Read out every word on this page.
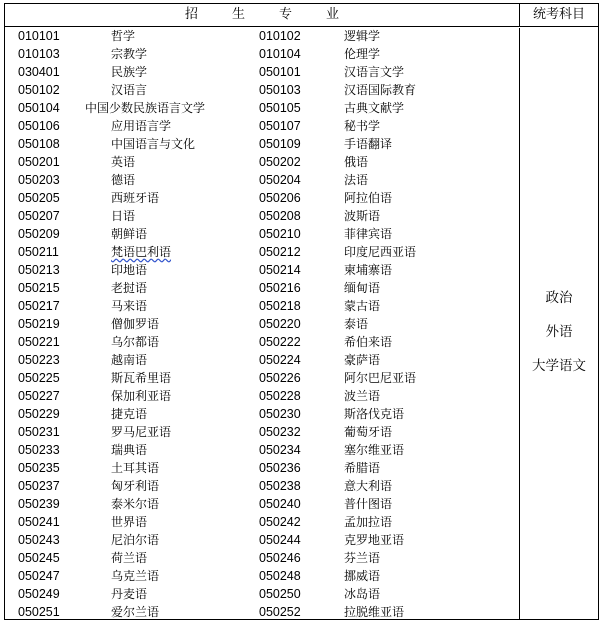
招	生	专	业	统考科目
010101	哲学	010102	逻辑学
010103	宗教学	010104	伦理学
030401	民族学	050101	汉语言文学
050102	汉语言	050103	汉语国际教育
050104 中国少数民族语言文学	050105	古典文献学
050106	应用语言学	050107	秘书学
050108	中国语言与文化	050109	手语翻译
050201	英语	050202	俄语
050203	德语	050204	法语
050205	西班牙语	050206	阿拉伯语
050207	日语	050208	波斯语
050209	朝鲜语	050210	菲律宾语
050211	梵语巴利语	050212	印度尼西亚语
050213	印地语	050214	柬埔寨语
050215	老挝语	050216	缅甸语
050217	马来语	050218	蒙古语
050219	僧伽罗语	050220	泰语
050221	乌尔都语	050222	希伯来语
050223	越南语	050224	豪萨语
050225	斯瓦希里语	050226	阿尔巴尼亚语
050227	保加利亚语	050228	波兰语
050229	捷克语	050230	斯洛伐克语
050231	罗马尼亚语	050232	葡萄牙语
050233	瑞典语	050234	塞尔维亚语
050235	土耳其语	050236	希腊语
050237	匈牙利语	050238	意大利语
050239	泰米尔语	050240	普什图语
050241	世界语	050242	孟加拉语
050243	尼泊尔语	050244	克罗地亚语
050245	荷兰语	050246	芬兰语
050247	乌克兰语	050248	挪威语
050249	丹麦语	050250	冰岛语
050251	爱尔兰语	050252	拉脱维亚语
政治
外语
大学语文
